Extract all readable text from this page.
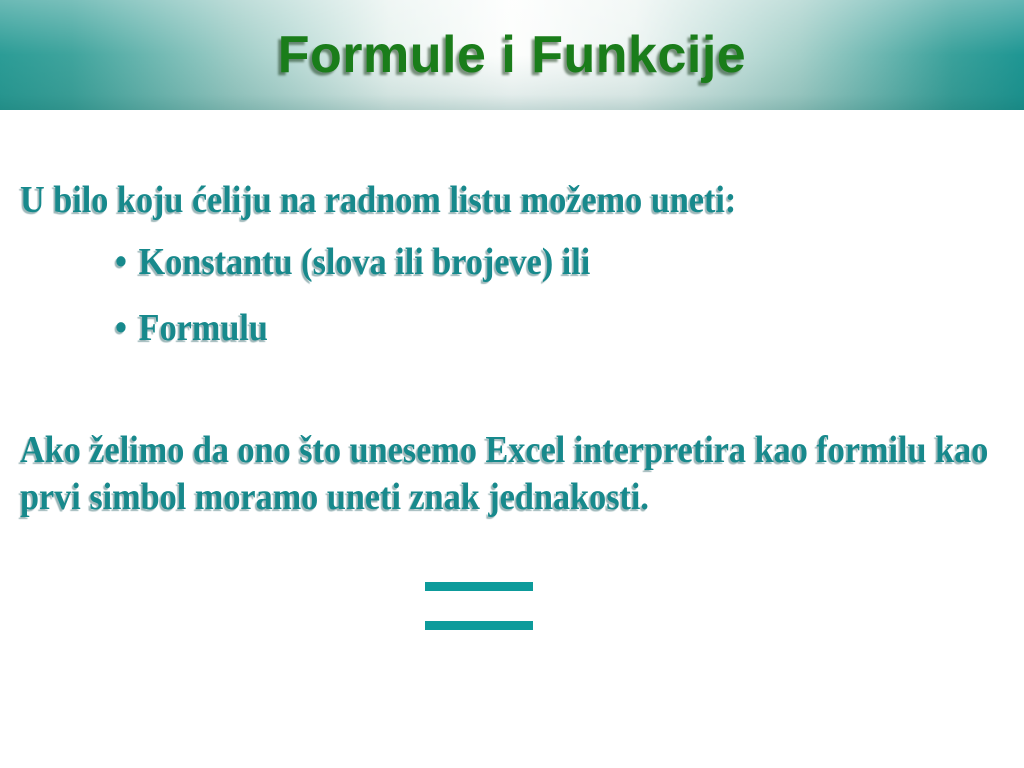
Formule i Funkcije
U bilo koju ćeliju na radnom listu možemo uneti:
• Konstantu (slova ili brojeve) ili
• Formulu
Ako želimo da ono što unesemo Excel interpretira kao formilu kao
prvi simbol moramo uneti znak jednakosti.
